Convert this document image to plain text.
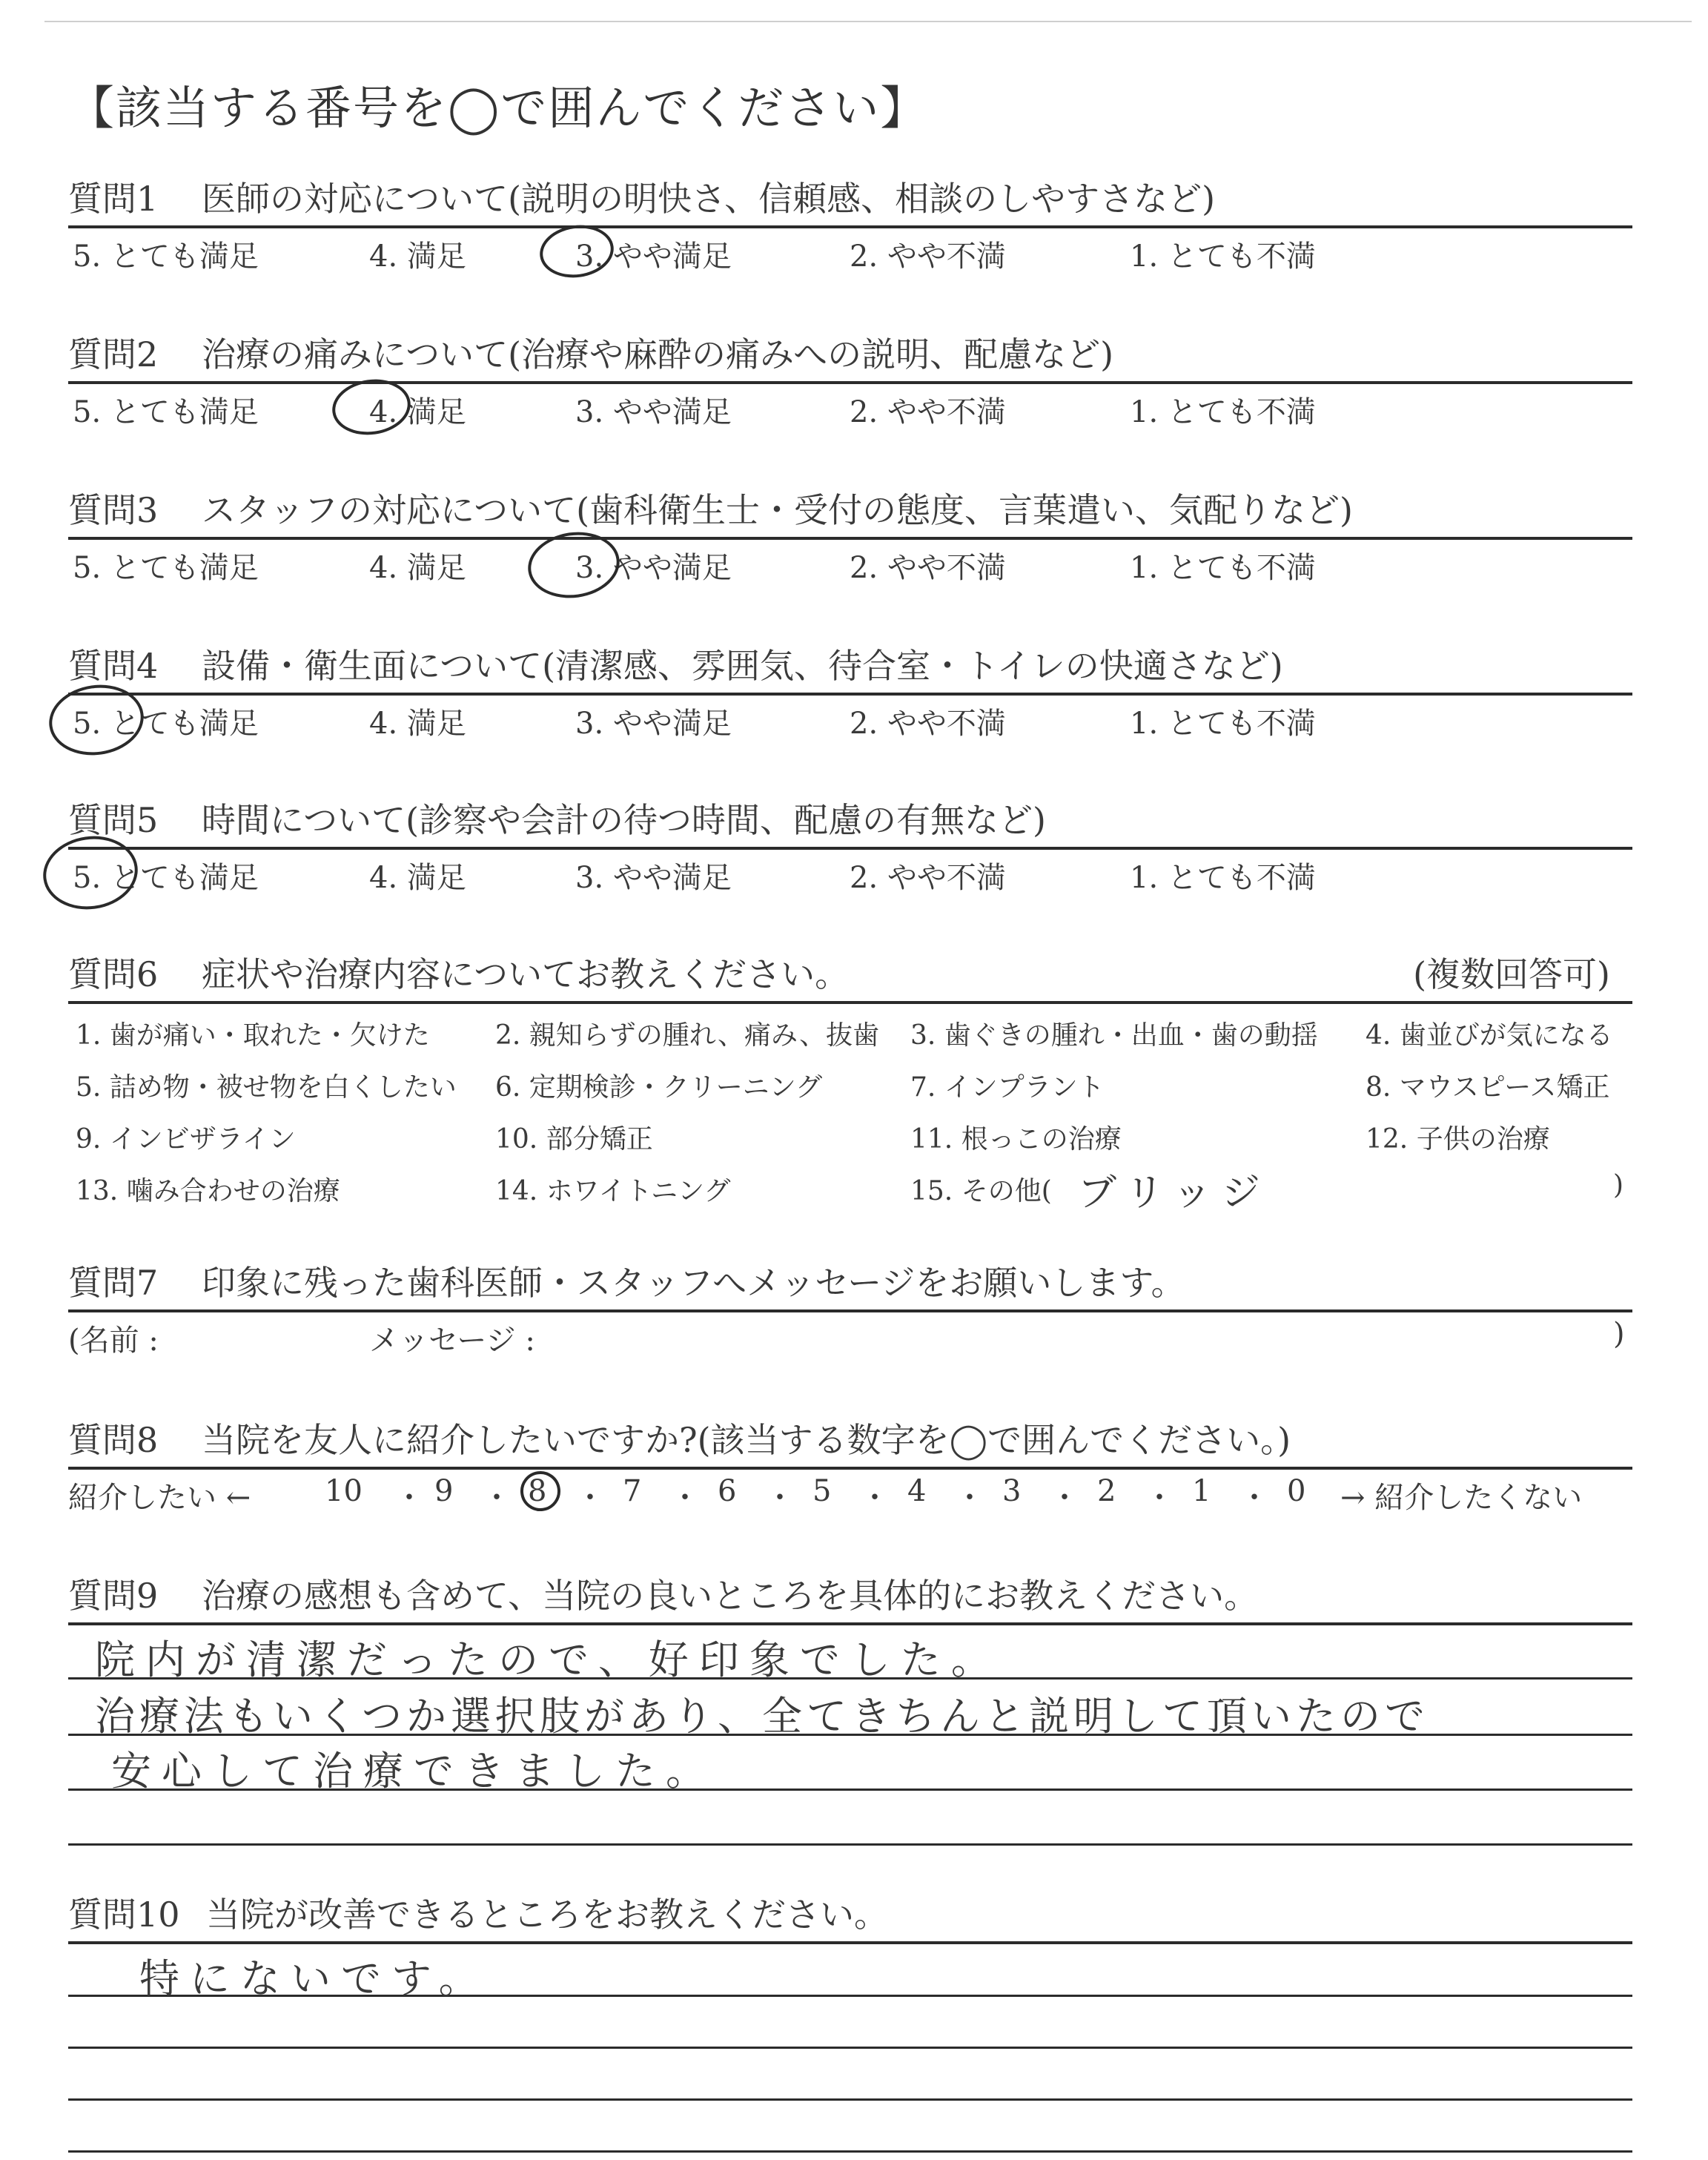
【該当する番号を◯で囲んでください】
質問1 医師の対応について(説明の明快さ、信頼感、相談のしやすさなど)
5. とても満足	4. 満足	3. やや満足	2. やや不満	1. とても不満
質問2 治療の痛みについて(治療や麻酔の痛みへの説明、配慮など)
5. とても満足	4. 満足	3. やや満足	2. やや不満	1. とても不満
質問3 スタッフの対応について(歯科衛生士・受付の態度、言葉遣い、気配りなど)
5. とても満足	4. 満足	3. やや満足	2. やや不満	1. とても不満
質問4 設備・衛生面について(清潔感、雰囲気、待合室・トイレの快適さなど)
5. とても満足	4. 満足	3. やや満足	2. やや不満	1. とても不満
質問5 時間について(診察や会計の待つ時間、配慮の有無など)
5. とても満足	4. 満足	3. やや満足	2. やや不満	1. とても不満
質問6 症状や治療内容についてお教えください。	(複数回答可)
1. 歯が痛い・取れた・欠けた 2. 親知らずの腫れ、痛み、抜歯 3. 歯ぐきの腫れ・出血・歯の動揺 4. 歯並びが気になる
5. 詰め物・被せ物を白くしたい 6. 定期検診・クリーニング	7. インプラント	8. マウスピース矯正
9. インビザライン	10. 部分矯正	11. 根っこの治療	12. 子供の治療
13. 噛み合わせの治療	14. ホワイトニング	15. その他(	)
ブリッジ
質問7 印象に残った歯科医師・スタッフへメッセージをお願いします。
(名前 :	メッセージ :	)
質問8 当院を友人に紹介したいですか?(該当する数字を◯で囲んでください。)
紹介したい ← 10 ・ 9 ・ 8 ・ 7 ・ 6 ・ 5 ・ 4 ・ 3 ・ 2 ・ 1 ・ 0 → 紹介したくない
質問9 治療の感想も含めて、当院の良いところを具体的にお教えください。
院内が清潔だったので、好印象でした。
治療法もいくつか選択肢があり、全てきちんと説明して頂いたので
安心して治療できました。
質問10 当院が改善できるところをお教えください。
特にないです。
